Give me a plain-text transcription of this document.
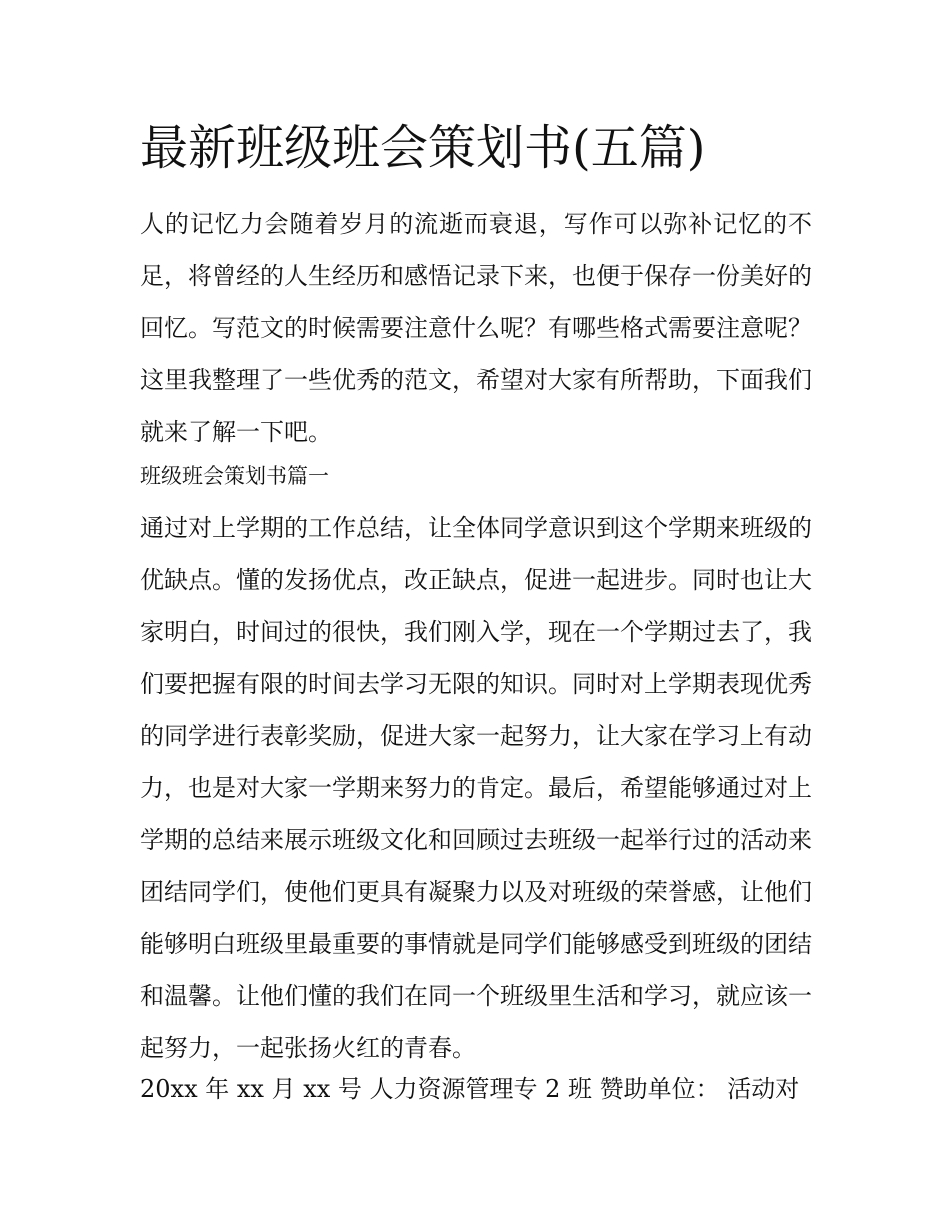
最新班级班会策划书(五篇)

人的记忆力会随着岁月的流逝而衰退，写作可以弥补记忆的不足，将曾经的人生经历和感悟记录下来，也便于保存一份美好的回忆。写范文的时候需要注意什么呢？有哪些格式需要注意呢？这里我整理了一些优秀的范文，希望对大家有所帮助，下面我们就来了解一下吧。

班级班会策划书篇一

通过对上学期的工作总结，让全体同学意识到这个学期来班级的优缺点。懂的发扬优点，改正缺点，促进一起进步。同时也让大家明白，时间过的很快，我们刚入学，现在一个学期过去了，我们要把握有限的时间去学习无限的知识。同时对上学期表现优秀的同学进行表彰奖励，促进大家一起努力，让大家在学习上有动力，也是对大家一学期来努力的肯定。最后，希望能够通过对上学期的总结来展示班级文化和回顾过去班级一起举行过的活动来团结同学们，使他们更具有凝聚力以及对班级的荣誉感，让他们能够明白班级里最重要的事情就是同学们能够感受到班级的团结和温馨。让他们懂的我们在同一个班级里生活和学习，就应该一起努力，一起张扬火红的青春。

20xx 年 xx 月 xx 号 人力资源管理专 2 班 赞助单位： 活动对
